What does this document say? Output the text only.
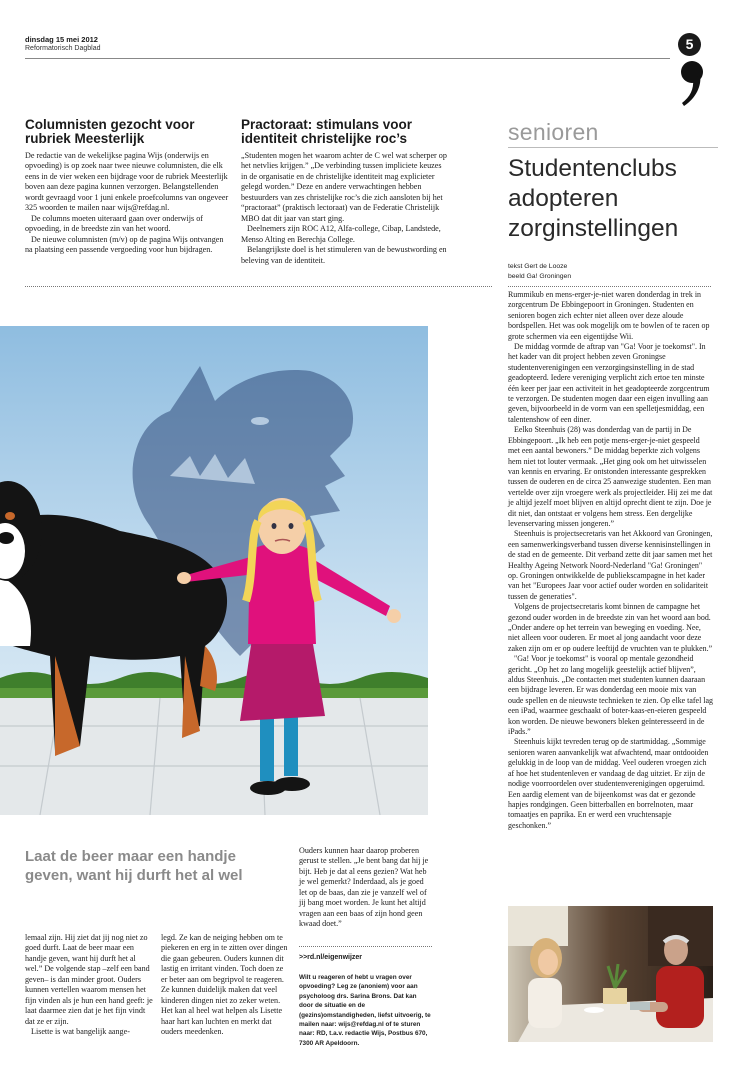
dinsdag 15 mei 2012
Reformatorisch Dagblad	5
Columnisten gezocht voor rubriek Meesterlijk

De redactie van de wekelijkse pagina Wijs (onderwijs en opvoeding) is op zoek naar twee nieuwe columnisten, die elk eens in de vier weken een bijdrage voor de rubriek Meesterlijk boven aan deze pagina kunnen verzorgen. Belangstellenden wordt gevraagd voor 1 juni enkele proefcolumns van ongeveer 325 woorden te mailen naar wijs@refdag.nl.

De columns moeten uiteraard gaan over onderwijs of opvoeding, in de breedste zin van het woord.

De nieuwe columnisten (m/v) op de pagina Wijs ontvangen na plaatsing een passende vergoeding voor hun bijdragen.

Practoraat: stimulans voor identiteit christelijke roc’s

„Studenten mogen het waarom achter de C wel wat scherper op het netvlies krijgen.” „De verbinding tussen impliciete keuzes in de organisatie en de christelijke identiteit mag explicieter gelegd worden.” Deze en andere verwachtingen hebben bestuurders van zes christelijke roc’s die zich aansloten bij het “practoraat” (praktisch lectoraat) van de Federatie Christelijk MBO dat dit jaar van start ging.

Deelnemers zijn ROC A12, Alfa-college, Cibap, Landstede, Menso Alting en Berechja College.

Belangrijkste doel is het stimuleren van de bewustwording en beleving van de identiteit.

senioren
Studentenclubs adopteren zorginstellingen
tekst Gert de Looze
beeld Ga! Groningen

Rummikub en mens-erger-je-niet waren donderdag in trek in zorgcentrum De Ebbingepoort in Groningen. Studenten en senioren bogen zich echter niet alleen over deze aloude bordspellen. Het was ook mogelijk om te bowlen of te racen op grote schermen via een eigentijdse Wii.

De middag vormde de aftrap van "Ga! Voor je toekomst". In het kader van dit project hebben zeven Groningse studentenverenigingen een verzorgingsinstelling in de stad geadopteerd. Iedere vereniging verplicht zich ertoe ten minste één keer per jaar een activiteit in het geadopteerde zorgcentrum te verzorgen. De studenten mogen daar een eigen invulling aan geven, bijvoorbeeld in de vorm van een spelletjesmiddag, een talentenshow of een diner.

Eelko Steenhuis (28) was donderdag van de partij in De Ebbingepoort. „Ik heb een potje mens-erger-je-niet gespeeld met een aantal bewoners.” De middag beperkte zich volgens hem niet tot louter vermaak. „Het ging ook om het uitwisselen van kennis en ervaring. Er ontstonden interessante gesprekken tussen de ouderen en de circa 25 aanwezige studenten. Een man vertelde over zijn vroegere werk als projectleider. Hij zei me dat je altijd jezelf moet blijven en altijd oprecht dient te zijn. Doe je dit niet, dan ontstaat er volgens hem stress. Een dergelijke levenservaring missen jongeren.”

Steenhuis is projectsecretaris van het Akkoord van Groningen, een samenwerkingsverband tussen diverse kennisinstellingen in de stad en de gemeente. Dit verband zette dit jaar samen met het Healthy Ageing Network Noord-Nederland "Ga! Groningen" op. Groningen ontwikkelde de publiekscampagne in het kader van het "Europees Jaar voor actief ouder worden en solidariteit tussen de generaties".

Volgens de projectsecretaris komt binnen de campagne het gezond ouder worden in de breedste zin van het woord aan bod. „Onder andere op het terrein van beweging en voeding. Nee, niet alleen voor ouderen. Er moet al jong aandacht voor deze zaken zijn om er op oudere leeftijd de vruchten van te plukken.”

"Ga! Voor je toekomst" is vooral op mentale gezondheid gericht. „Op het zo lang mogelijk geestelijk actief blijven”, aldus Steenhuis. „De contacten met studenten kunnen daaraan een bijdrage leveren. Er was donderdag een mooie mix van oude spellen en de nieuwste technieken te zien. Op elke tafel lag een iPad, waarmee geschaakt of boter-kaas-en-eieren gespeeld kon worden. De nieuwe bewoners bleken geïnteresseerd in de iPads.”

Steenhuis kijkt tevreden terug op de startmiddag. „Sommige senioren waren aanvankelijk wat afwachtend, maar ontdooiden gelukkig in de loop van de middag. Veel ouderen vroegen zich af hoe het studentenleven er vandaag de dag uitziet. Er zijn de nodige voorroordelen over studentenverenigingen opgeruimd. Een aardig element van de bijeenkomst was dat er gezonde hapjes rondgingen. Geen bitterballen en borrelnoten, maar tomaatjes en paprika. En er werd een vruchtensapje geschonken.”

Laat de beer maar een handje geven, want hij durft het al wel

lemaal zijn. Hij ziet dat jij nog niet zo goed durft. Laat de beer maar een handje geven, want hij durft het al wel.” De volgende stap –zelf een band geven– is dan minder groot. Ouders kunnen vertellen waarom mensen het fijn vinden als je hun een hand geeft: je laat daarmee zien dat je het fijn vindt dat ze er zijn.

Lisette is wat bangelijk aange-

legd. Ze kan de neiging hebben om te piekeren en erg in te zitten over dingen die gaan gebeuren. Ouders kunnen dit lastig en irritant vinden. Toch doen ze er beter aan om begripvol te reageren. Ze kunnen duidelijk maken dat veel kinderen dingen niet zo zeker weten. Het kan al heel wat helpen als Lisette haar hart kan luchten en merkt dat ouders meedenken.

Ouders kunnen haar daarop proberen gerust te stellen. „Je bent bang dat hij je bijt. Heb je dat al eens gezien? Wat heb je wel gemerkt? Inderdaad, als je goed let op de baas, dan zie je vanzelf wel of jij bang moet worden. Je kunt het altijd vragen aan een baas of zijn hond geen kwaad doet.”

>>rd.nl/eigenwijzer
Wilt u reageren of hebt u vragen over opvoeding? Leg ze (anoniem) voor aan psycholoog drs. Sarina Brons. Dat kan door de situatie en de (gezins)omstandigheden, liefst uitvoerig, te mailen naar: wijs@refdag.nl of te sturen naar: RD, t.a.v. redactie Wijs, Postbus 670, 7300 AR Apeldoorn.
